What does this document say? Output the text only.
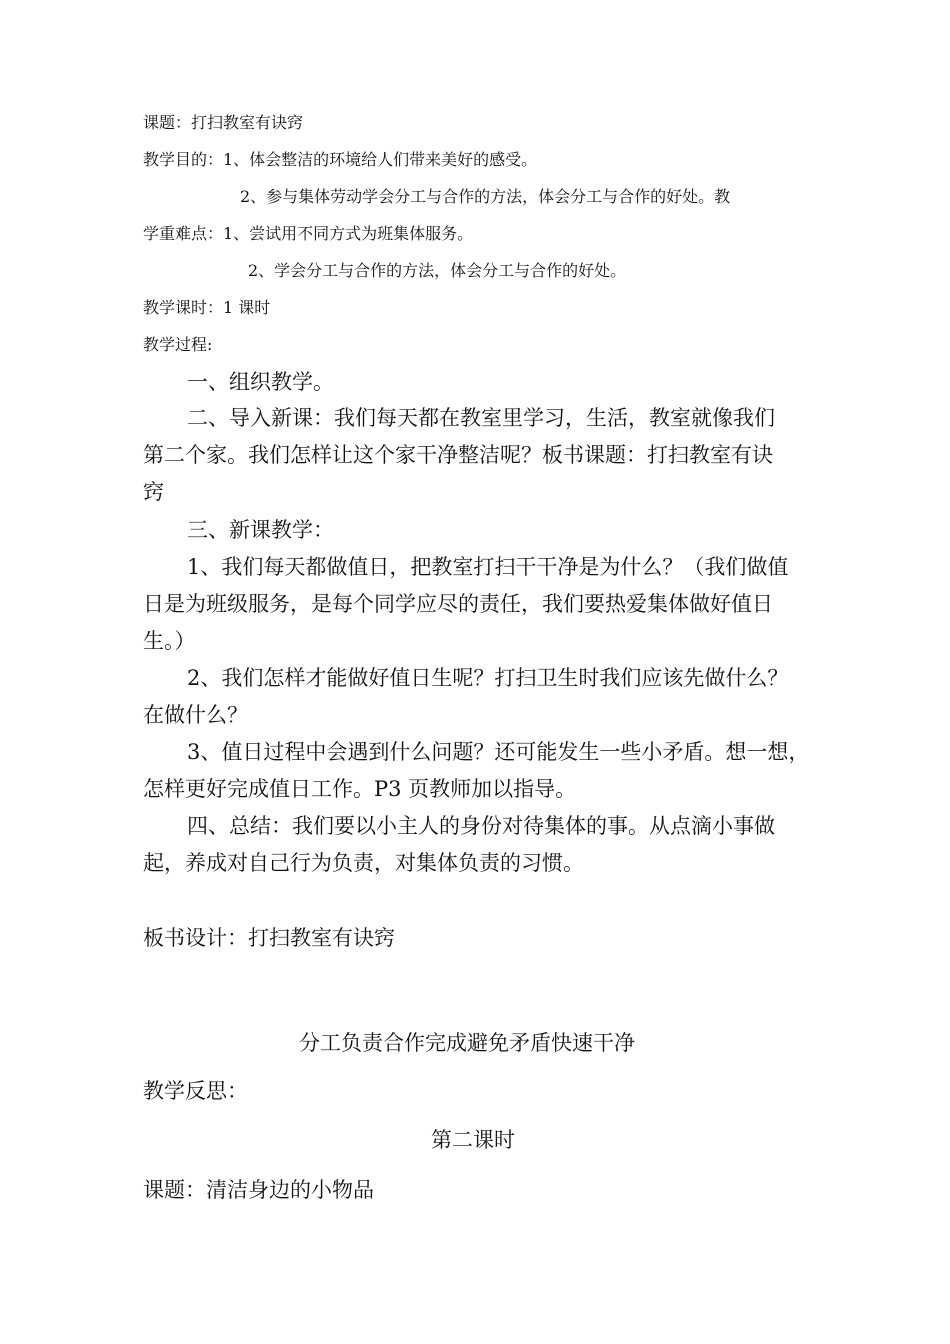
课题：打扫教室有诀窍
教学目的：1、体会整洁的环境给人们带来美好的感受。
2、参与集体劳动学会分工与合作的方法，体会分工与合作的好处。教
学重难点：1、尝试用不同方式为班集体服务。
2、学会分工与合作的方法，体会分工与合作的好处。
教学课时：1 课时
教学过程:
一、组织教学。
二、导入新课：我们每天都在教室里学习，生活，教室就像我们
第二个家。我们怎样让这个家干净整洁呢？板书课题：打扫教室有诀
窍
三、新课教学：
1、我们每天都做值日，把教室打扫干干净是为什么？（我们做值
日是为班级服务，是每个同学应尽的责任，我们要热爱集体做好值日
生。）
2、我们怎样才能做好值日生呢？打扫卫生时我们应该先做什么？
在做什么？
3、值日过程中会遇到什么问题？还可能发生一些小矛盾。想一想，
怎样更好完成值日工作。P3 页教师加以指导。
四、总结：我们要以小主人的身份对待集体的事。从点滴小事做
起，养成对自己行为负责，对集体负责的习惯。
板书设计：打扫教室有诀窍
分工负责合作完成避免矛盾快速干净
教学反思：
第二课时
课题：清洁身边的小物品
